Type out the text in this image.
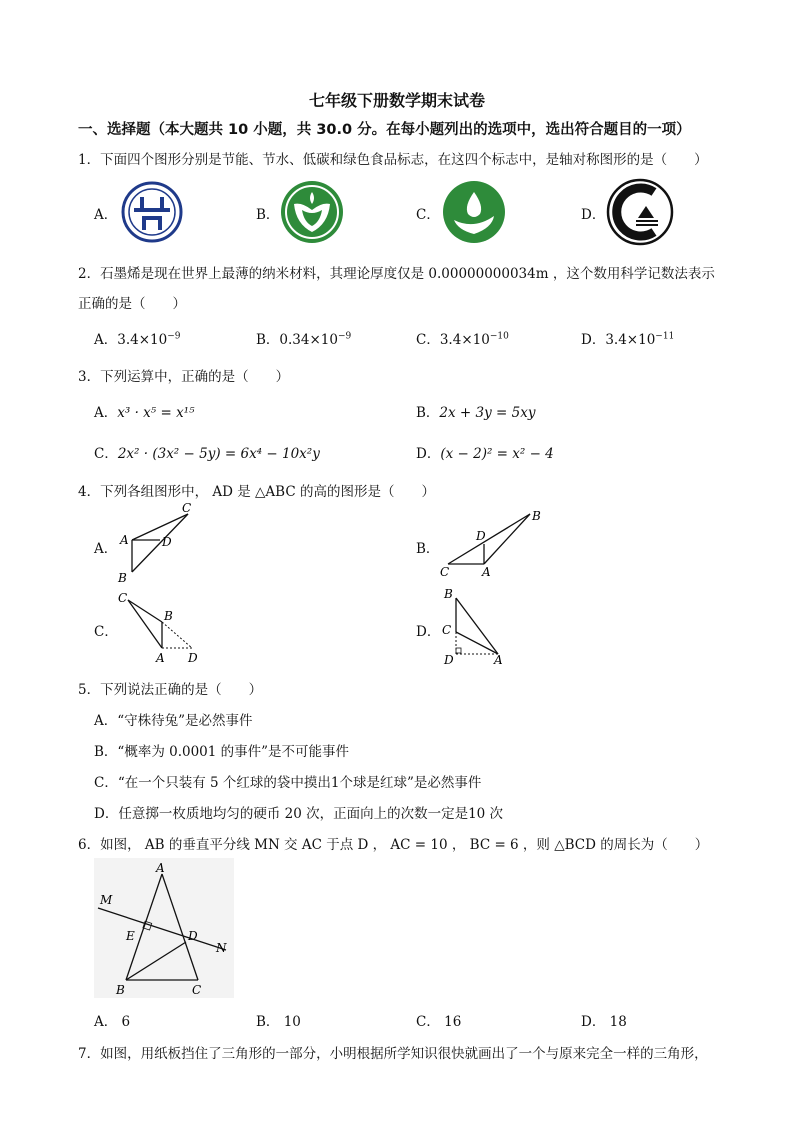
七年级下册数学期末试卷
一、选择题（本大题共 10 小题，共 30.0 分。在每小题列出的选项中，选出符合题目的一项）
1．下面四个图形分别是节能、节水、低碳和绿色食品标志，在这四个标志中，是轴对称图形的是（　　）
A．	B．	C．	D．
2．石墨烯是现在世界上最薄的纳米材料，其理论厚度仅是 0.00000000034m ，这个数用科学记数法表示
正确的是（　　）
A．$3.4\times 10^{-9}$	B．$0.34\times 10^{-9}$	C．$3.4\times 10^{-10}$	D．$3.4\times 10^{-11}$
3．下列运算中，正确的是（　　）
A．x³ · x⁵ = x¹⁵	B．2x + 3y = 5xy
C．2x² · (3x² − 5y) = 6x⁴ − 10x²y	D．(x − 2)² = x² − 4
4．下列各组图形中， AD 是 △ABC 的高的图形是（　　）
A．
C
A	D
B
B．
B
D
C	A
C．
C
B
A D
D．
B
C
D	A
5．下列说法正确的是（　　）
A．“守株待兔”是必然事件
B．“概率为 0.0001 的事件”是不可能事件
C．“在一个只装有 5 个红球的袋中摸出1个球是红球”是必然事件
D．任意掷一枚质地均匀的硬币 20 次，正面向上的次数一定是10 次
6．如图， AB 的垂直平分线 MN 交 AC 于点 D ， AC = 10 ， BC = 6 ，则 △BCD 的周长为（　　）
A
M
E	D
N
B	C
A． 6	B． 10	C． 16	D． 18
7．如图，用纸板挡住了三角形的一部分，小明根据所学知识很快就画出了一个与原来完全一样的三角形，
